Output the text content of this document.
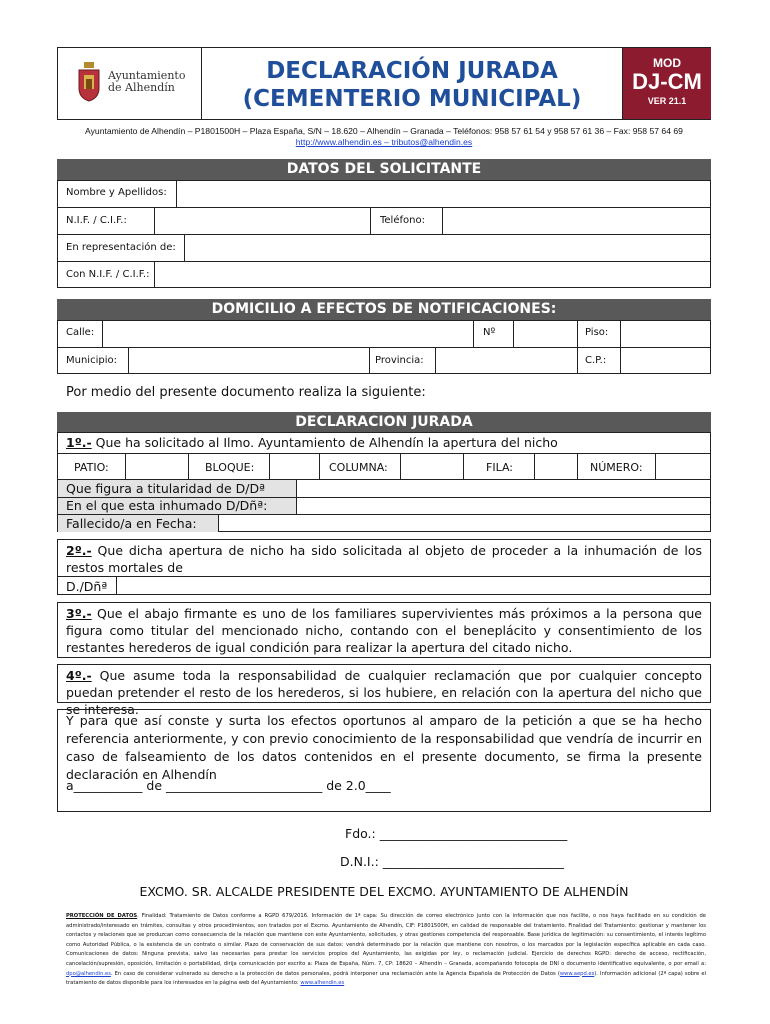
Ayuntamiento
de Alhendín
DECLARACIÓN JURADA
(CEMENTERIO MUNICIPAL)
MOD
DJ-CM
VER 21.1
Ayuntamiento de Alhendín – P1801500H – Plaza España, S/N – 18.620 – Alhendín – Granada – Teléfonos: 958 57 61 54 y 958 57 61 36 – Fax: 958 57 64 69
http://www.alhendin.es – tributos@alhendin.es
DATOS DEL SOLICITANTE
Nombre y Apellidos:
N.I.F. / C.I.F.:	Teléfono:
En representación de:
Con N.I.F. / C.I.F.:
DOMICILIO A EFECTOS DE NOTIFICACIONES:
Calle:	Nº	Piso:
Municipio:	Provincia:	C.P.:
Por medio del presente documento realiza la siguiente:
DECLARACION JURADA
1º.- Que ha solicitado al Ilmo. Ayuntamiento de Alhendín la apertura del nicho
PATIO:	BLOQUE:	COLUMNA:	FILA:	NÚMERO:
Que figura a titularidad de D/Dª
En el que esta inhumado D/Dñª:
Fallecido/a en Fecha:
2º.- Que dicha apertura de nicho ha sido solicitada al objeto de proceder a la inhumación de los restos mortales de
D./Dñª
3º.- Que el abajo firmante es uno de los familiares supervivientes más próximos a la persona que figura como titular del mencionado nicho, contando con el beneplácito y consentimiento de los restantes herederos de igual condición para realizar la apertura del citado nicho.
4º.- Que asume toda la responsabilidad de cualquier reclamación que por cualquier concepto puedan pretender el resto de los herederos, si los hubiere, en relación con la apertura del nicho que se interesa.
Y para que así conste y surta los efectos oportunos al amparo de la petición a que se ha hecho referencia anteriormente, y con previo conocimiento de la responsabilidad que vendría de incurrir en caso de falseamiento de los datos contenidos en el presente documento, se firma la presente declaración en Alhendín
a___________ de _________________________ de 2.0____
Fdo.: ______________________________
D.N.I.: _____________________________
EXCMO. SR. ALCALDE PRESIDENTE DEL EXCMO. AYUNTAMIENTO DE ALHENDÍN
PROTECCIÓN DE DATOS. Finalidad: Tratamiento de Datos conforme a RGPD 679/2016. Información de 1ª capa: Su dirección de correo electrónico junto con la información que nos facilite, o nos haya facilitado en su condición de administrado/interesado en trámites, consultas y otros procedimientos, son tratados por el Excmo. Ayuntamiento de Alhendín, CIF: P1801500H, en calidad de responsable del tratamiento. Finalidad del Tratamiento: gestionar y mantener los contactos y relaciones que se produzcan como consecuencia de la relación que mantiene con este Ayuntamiento, solicitudes, y otras gestiones competencia del responsable. Base jurídica de legitimación: su consentimiento, el interés legítimo como Autoridad Pública, o la existencia de un contrato o similar. Plazo de conservación de sus datos: vendrá determinado por la relación que mantiene con nosotros, o los marcados por la legislación específica aplicable en cada caso. Comunicaciones de datos: Ninguna prevista, salvo las necesarias para prestar los servicios propios del Ayuntamiento, las exigidas por ley, o reclamación judicial. Ejercicio de derechos RGPD: derecho de acceso, rectificación, cancelación/supresión, oposición, limitación o portabilidad, dirija comunicación por escrito a: Plaza de España, Núm. 7, CP: 18620 – Alhendín – Granada, acompañando fotocopia de DNI o documento identificativo equivalente, o por email a: dpo@alhendin.es. En caso de considerar vulnerado su derecho a la protección de datos personales, podrá interponer una reclamación ante la Agencia Española de Protección de Datos (www.aepd.es). Información adicional (2ª capa) sobre el tratamiento de datos disponible para los interesados en la página web del Ayuntamiento: www.alhendin.es
